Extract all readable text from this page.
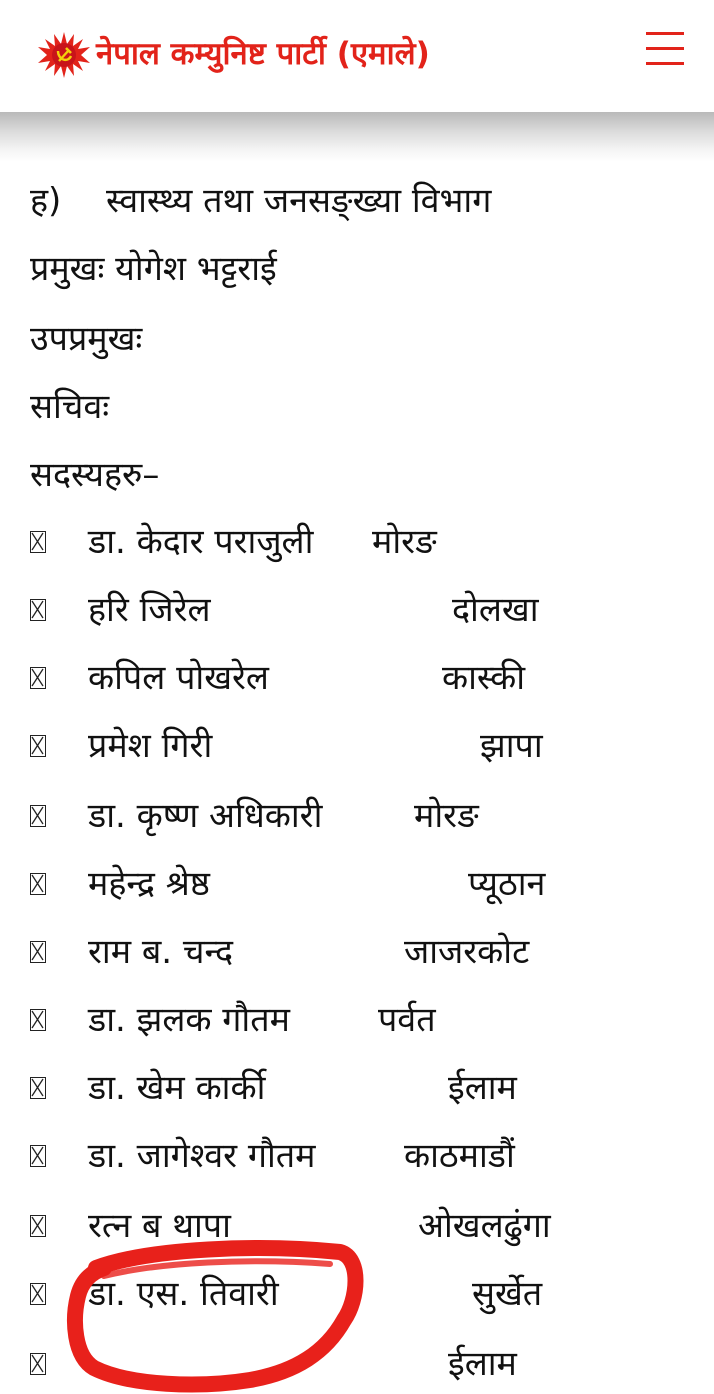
नेपाल कम्युनिष्ट पार्टी (एमाले)
ह) स्वास्थ्य तथा जनसङ्ख्या विभाग
प्रमुखः योगेश भट्टराई
उपप्रमुखः
सचिवः
सदस्यहरु–
डा. केदार पराजुली मोरङ
हरि जिरेल	दोलखा
कपिल पोखरेल	कास्की
प्रमेश गिरी	झापा
डा. कृष्ण अधिकारी	मोरङ
महेन्द्र श्रेष्ठ	प्यूठान
राम ब. चन्द	जाजरकोट
डा. झलक गौतम	पर्वत
डा. खेम कार्की	ईलाम
डा. जागेश्वर गौतम	काठमाडौं
रत्न ब थापा	ओखलढुंगा
डा. एस. तिवारी	सुर्खेत
ईलाम
